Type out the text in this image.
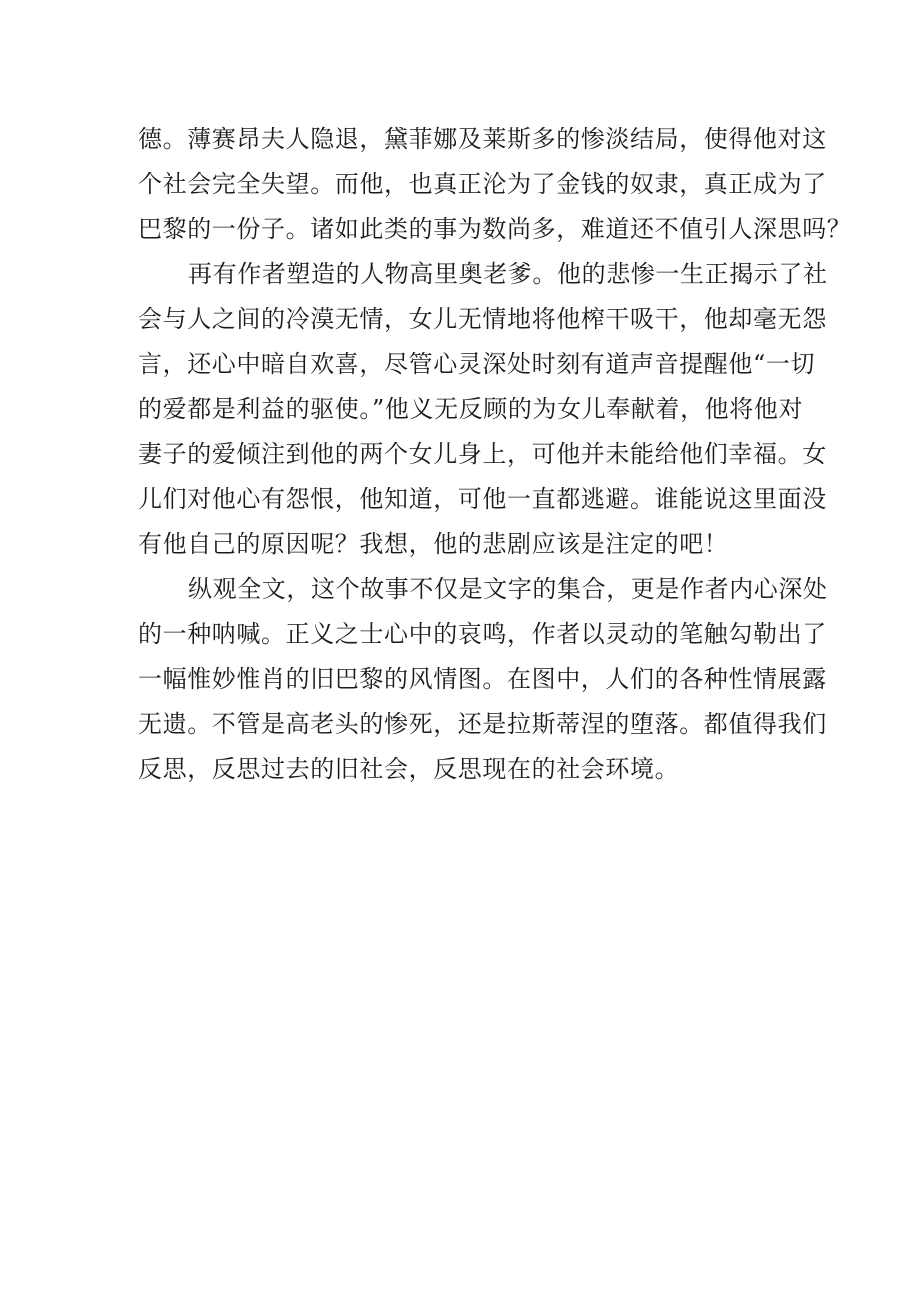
德。薄赛昂夫人隐退，黛菲娜及莱斯多的惨淡结局，使得他对这
个社会完全失望。而他，也真正沦为了金钱的奴隶，真正成为了
巴黎的一份子。诸如此类的事为数尚多，难道还不值引人深思吗？
再有作者塑造的人物高里奥老爹。他的悲惨一生正揭示了社
会与人之间的冷漠无情，女儿无情地将他榨干吸干，他却毫无怨
言，还心中暗自欢喜，尽管心灵深处时刻有道声音提醒他“一切
的爱都是利益的驱使。”他义无反顾的为女儿奉献着，他将他对
妻子的爱倾注到他的两个女儿身上，可他并未能给他们幸福。女
儿们对他心有怨恨，他知道，可他一直都逃避。谁能说这里面没
有他自己的原因呢？我想，他的悲剧应该是注定的吧！
纵观全文，这个故事不仅是文字的集合，更是作者内心深处
的一种呐喊。正义之士心中的哀鸣，作者以灵动的笔触勾勒出了
一幅惟妙惟肖的旧巴黎的风情图。在图中，人们的各种性情展露
无遗。不管是高老头的惨死，还是拉斯蒂涅的堕落。都值得我们
反思，反思过去的旧社会，反思现在的社会环境。
